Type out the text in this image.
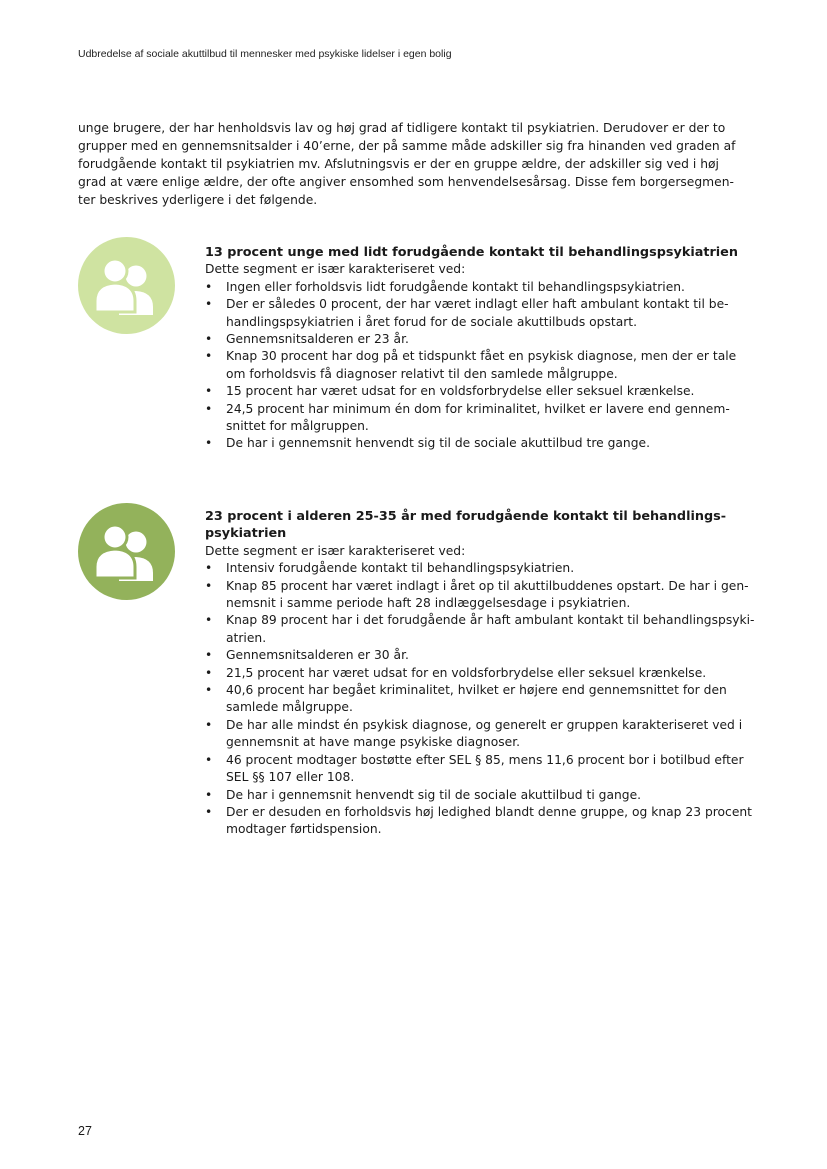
Udbredelse af sociale akuttilbud til mennesker med psykiske lidelser i egen bolig

unge brugere, der har henholdsvis lav og høj grad af tidligere kontakt til psykiatrien. Derudover er der to
grupper med en gennemsnitsalder i 40’erne, der på samme måde adskiller sig fra hinanden ved graden af
forudgående kontakt til psykiatrien mv. Afslutningsvis er der en gruppe ældre, der adskiller sig ved i høj
grad at være enlige ældre, der ofte angiver ensomhed som henvendelsesårsag. Disse fem borgersegmen-
ter beskrives yderligere i det følgende.

13 procent unge med lidt forudgående kontakt til behandlingspsykiatrien
Dette segment er især karakteriseret ved:
• Ingen eller forholdsvis lidt forudgående kontakt til behandlingspsykiatrien.
• Der er således 0 procent, der har været indlagt eller haft ambulant kontakt til be-
handlingspsykiatrien i året forud for de sociale akuttilbuds opstart.
• Gennemsnitsalderen er 23 år.
• Knap 30 procent har dog på et tidspunkt fået en psykisk diagnose, men der er tale
om forholdsvis få diagnoser relativt til den samlede målgruppe.
• 15 procent har været udsat for en voldsforbrydelse eller seksuel krænkelse.
• 24,5 procent har minimum én dom for kriminalitet, hvilket er lavere end gennem-
snittet for målgruppen.
• De har i gennemsnit henvendt sig til de sociale akuttilbud tre gange.
23 procent i alderen 25-35 år med forudgående kontakt til behandlings-
psykiatrien
Dette segment er især karakteriseret ved:
• Intensiv forudgående kontakt til behandlingspsykiatrien.
• Knap 85 procent har været indlagt i året op til akuttilbuddenes opstart. De har i gen-
nemsnit i samme periode haft 28 indlæggelsesdage i psykiatrien.
• Knap 89 procent har i det forudgående år haft ambulant kontakt til behandlingspsyki-
atrien.
• Gennemsnitsalderen er 30 år.
• 21,5 procent har været udsat for en voldsforbrydelse eller seksuel krænkelse.
• 40,6 procent har begået kriminalitet, hvilket er højere end gennemsnittet for den
samlede målgruppe.
• De har alle mindst én psykisk diagnose, og generelt er gruppen karakteriseret ved i
gennemsnit at have mange psykiske diagnoser.
• 46 procent modtager bostøtte efter SEL § 85, mens 11,6 procent bor i botilbud efter
SEL §§ 107 eller 108.
• De har i gennemsnit henvendt sig til de sociale akuttilbud ti gange.
• Der er desuden en forholdsvis høj ledighed blandt denne gruppe, og knap 23 procent
modtager førtidspension.
27
